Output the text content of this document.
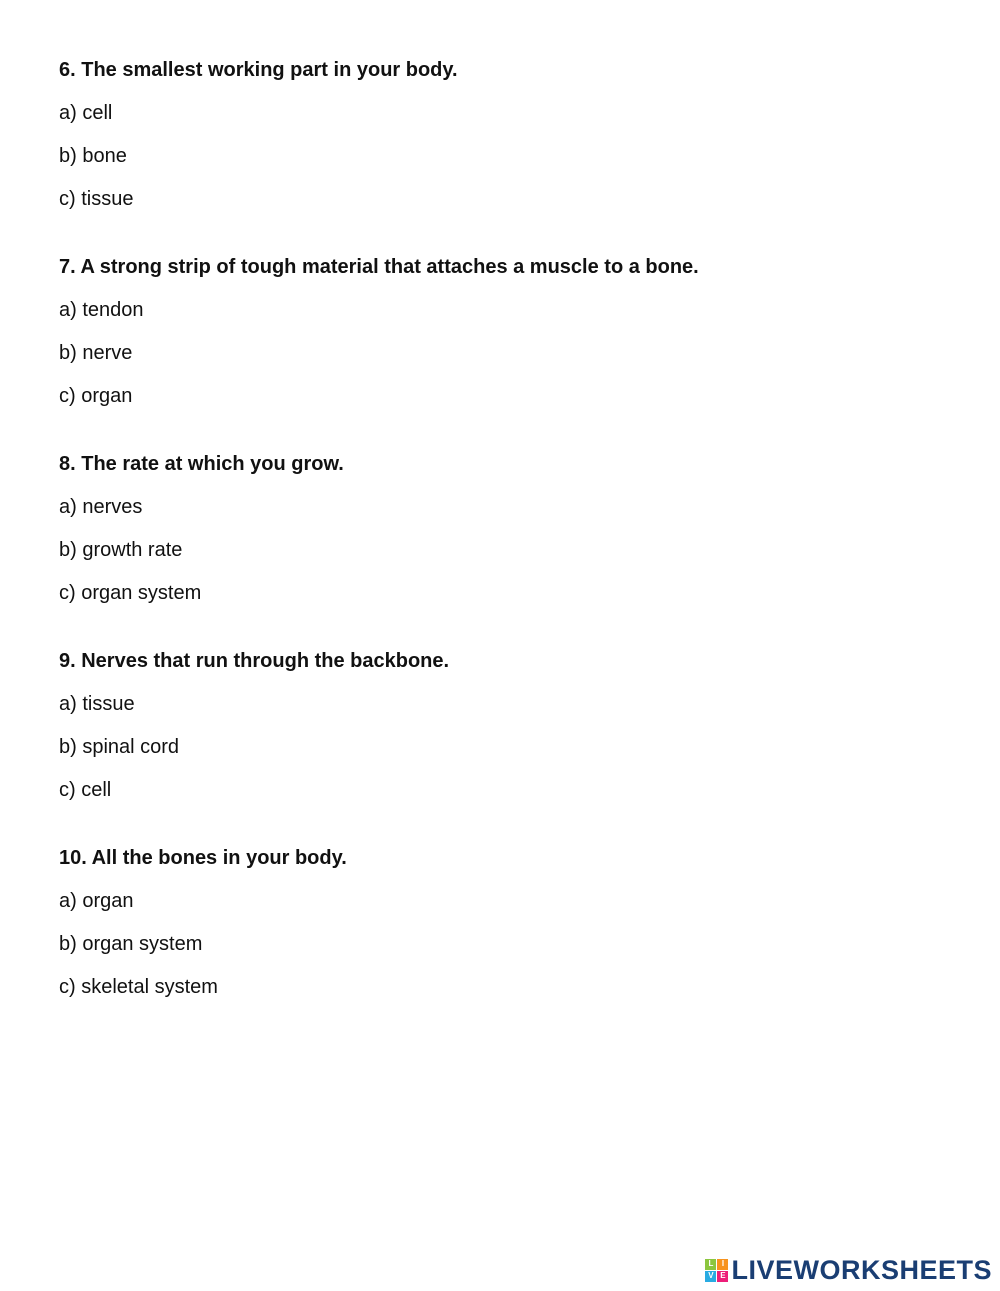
6. The smallest working part in your body.
a) cell
b) bone
c) tissue
7. A strong strip of tough material that attaches a muscle to a bone.
a) tendon
b) nerve
c) organ
8. The rate at which you grow.
a) nerves
b) growth rate
c) organ system
9. Nerves that run through the backbone.
a) tissue
b) spinal cord
c) cell
10. All the bones in your body.
a) organ
b) organ system
c) skeletal system
L	I
V E LIVEWORKSHEETS
